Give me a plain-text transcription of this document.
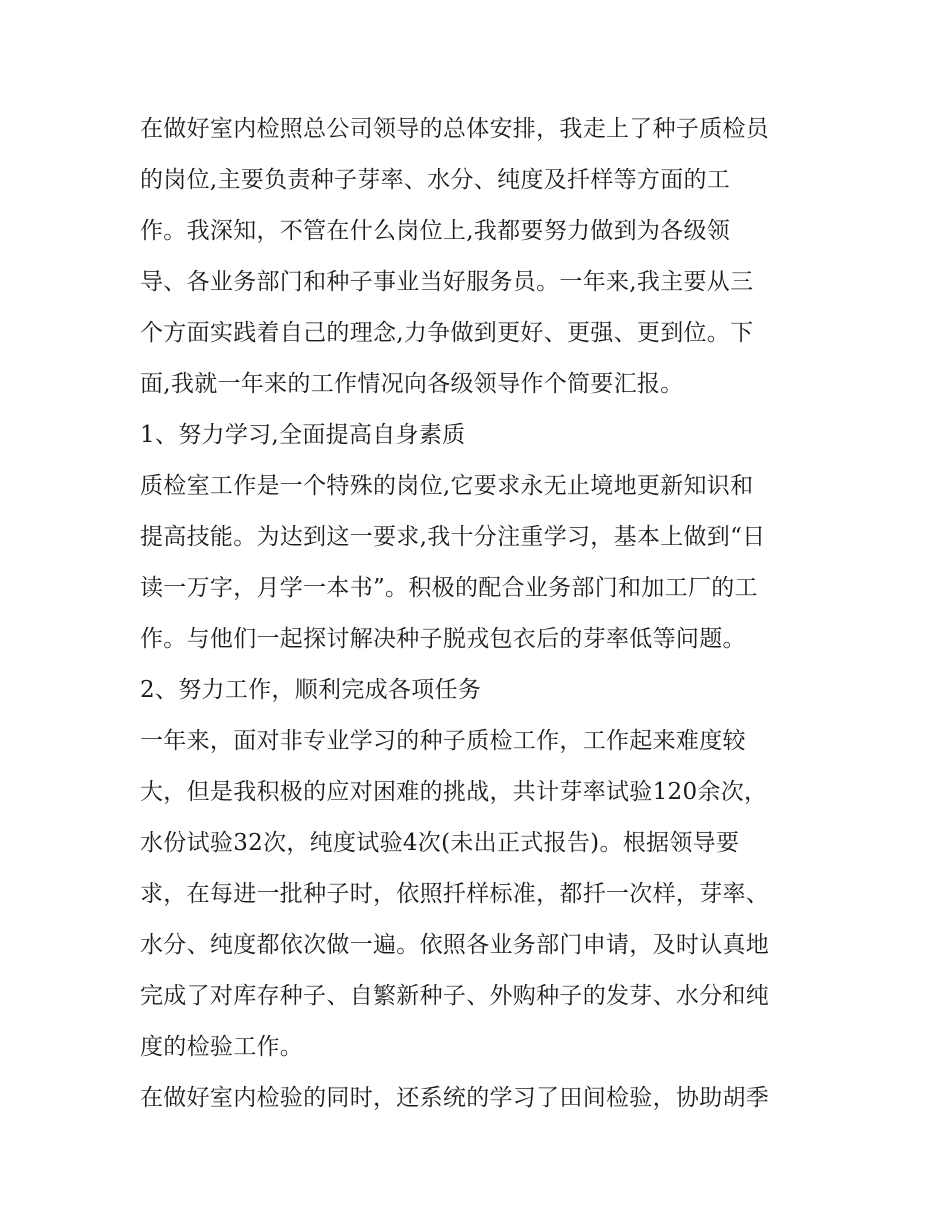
在做好室内检照总公司领导的总体安排，我走上了种子质检员
的岗位,主要负责种子芽率、水分、纯度及扦样等方面的工
作。我深知，不管在什么岗位上,我都要努力做到为各级领
导、各业务部门和种子事业当好服务员。一年来,我主要从三
个方面实践着自己的理念,力争做到更好、更强、更到位。下
面,我就一年来的工作情况向各级领导作个简要汇报。
1、努力学习,全面提高自身素质
质检室工作是一个特殊的岗位,它要求永无止境地更新知识和
提高技能。为达到这一要求,我十分注重学习，基本上做到“日
读一万字，月学一本书”。积极的配合业务部门和加工厂的工
作。与他们一起探讨解决种子脱戎包衣后的芽率低等问题。
2、努力工作，顺利完成各项任务
一年来，面对非专业学习的种子质检工作，工作起来难度较
大，但是我积极的应对困难的挑战，共计芽率试验120余次，
水份试验32次，纯度试验4次(未出正式报告)。根据领导要
求，在每进一批种子时，依照扦样标准，都扦一次样，芽率、
水分、纯度都依次做一遍。依照各业务部门申请，及时认真地
完成了对库存种子、自繁新种子、外购种子的发芽、水分和纯
度的检验工作。
在做好室内检验的同时，还系统的学习了田间检验，协助胡季
